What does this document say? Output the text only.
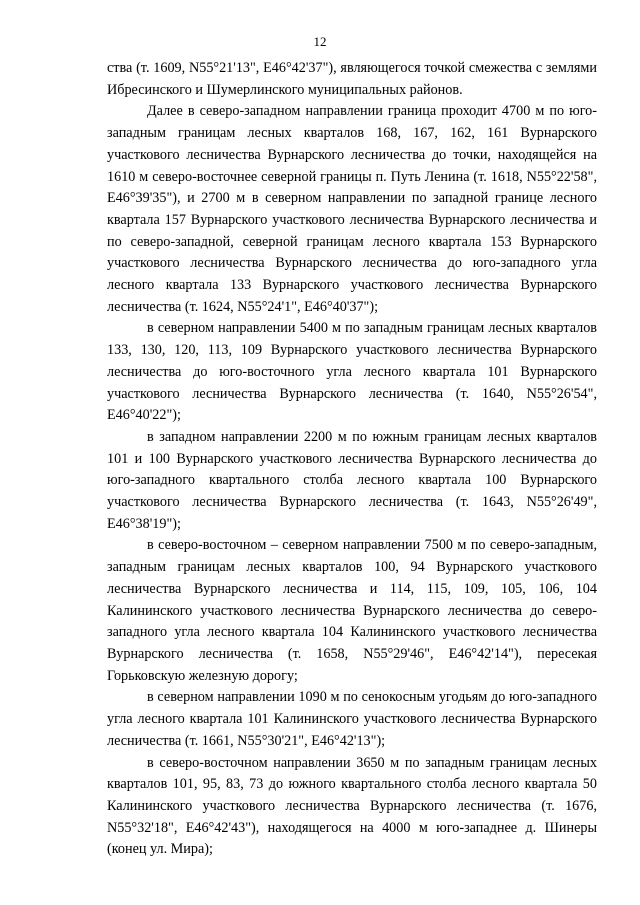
12

ства (т. 1609, N55°21'13", E46°42'37"), являющегося точкой смежества с землями Ибресинского и Шумерлинского муниципальных районов.

Далее в северо-западном направлении граница проходит 4700 м по юго-западным границам лесных кварталов 168, 167, 162, 161 Вурнарского участкового лесничества Вурнарского лесничества до точки, находящейся на 1610 м северо-восточнее северной границы п. Путь Ленина (т. 1618, N55°22'58", E46°39'35"), и 2700 м в северном направлении по западной границе лесного квартала 157 Вурнарского участкового лесничества Вурнарского лесничества и по северо-западной, северной границам лесного квартала 153 Вурнарского участкового лесничества Вурнарского лесничества до юго-западного угла лесного квартала 133 Вурнарского участкового лесничества Вурнарского лесничества (т. 1624, N55°24'1", E46°40'37");

в северном направлении 5400 м по западным границам лесных кварталов 133, 130, 120, 113, 109 Вурнарского участкового лесничества Вурнарского лесничества до юго-восточного угла лесного квартала 101 Вурнарского участкового лесничества Вурнарского лесничества (т. 1640, N55°26'54", E46°40'22");

в западном направлении 2200 м по южным границам лесных кварталов 101 и 100 Вурнарского участкового лесничества Вурнарского лесничества до юго-западного квартального столба лесного квартала 100 Вурнарского участкового лесничества Вурнарского лесничества (т. 1643, N55°26'49", E46°38'19");

в северо-восточном – северном направлении 7500 м по северо-западным, западным границам лесных кварталов 100, 94 Вурнарского участкового лесничества Вурнарского лесничества и 114, 115, 109, 105, 106, 104 Калининского участкового лесничества Вурнарского лесничества до северо-западного угла лесного квартала 104 Калининского участкового лесничества Вурнарского лесничества (т. 1658, N55°29'46", E46°42'14"), пересекая Горьковскую железную дорогу;

в северном направлении 1090 м по сенокосным угодьям до юго-западного угла лесного квартала 101 Калининского участкового лесничества Вурнарского лесничества (т. 1661, N55°30'21", E46°42'13");

в северо-восточном направлении 3650 м по западным границам лесных кварталов 101, 95, 83, 73 до южного квартального столба лесного квартала 50 Калининского участкового лесничества Вурнарского лесничества (т. 1676, N55°32'18", E46°42'43"), находящегося на 4000 м юго-западнее д. Шинеры (конец ул. Мира);
